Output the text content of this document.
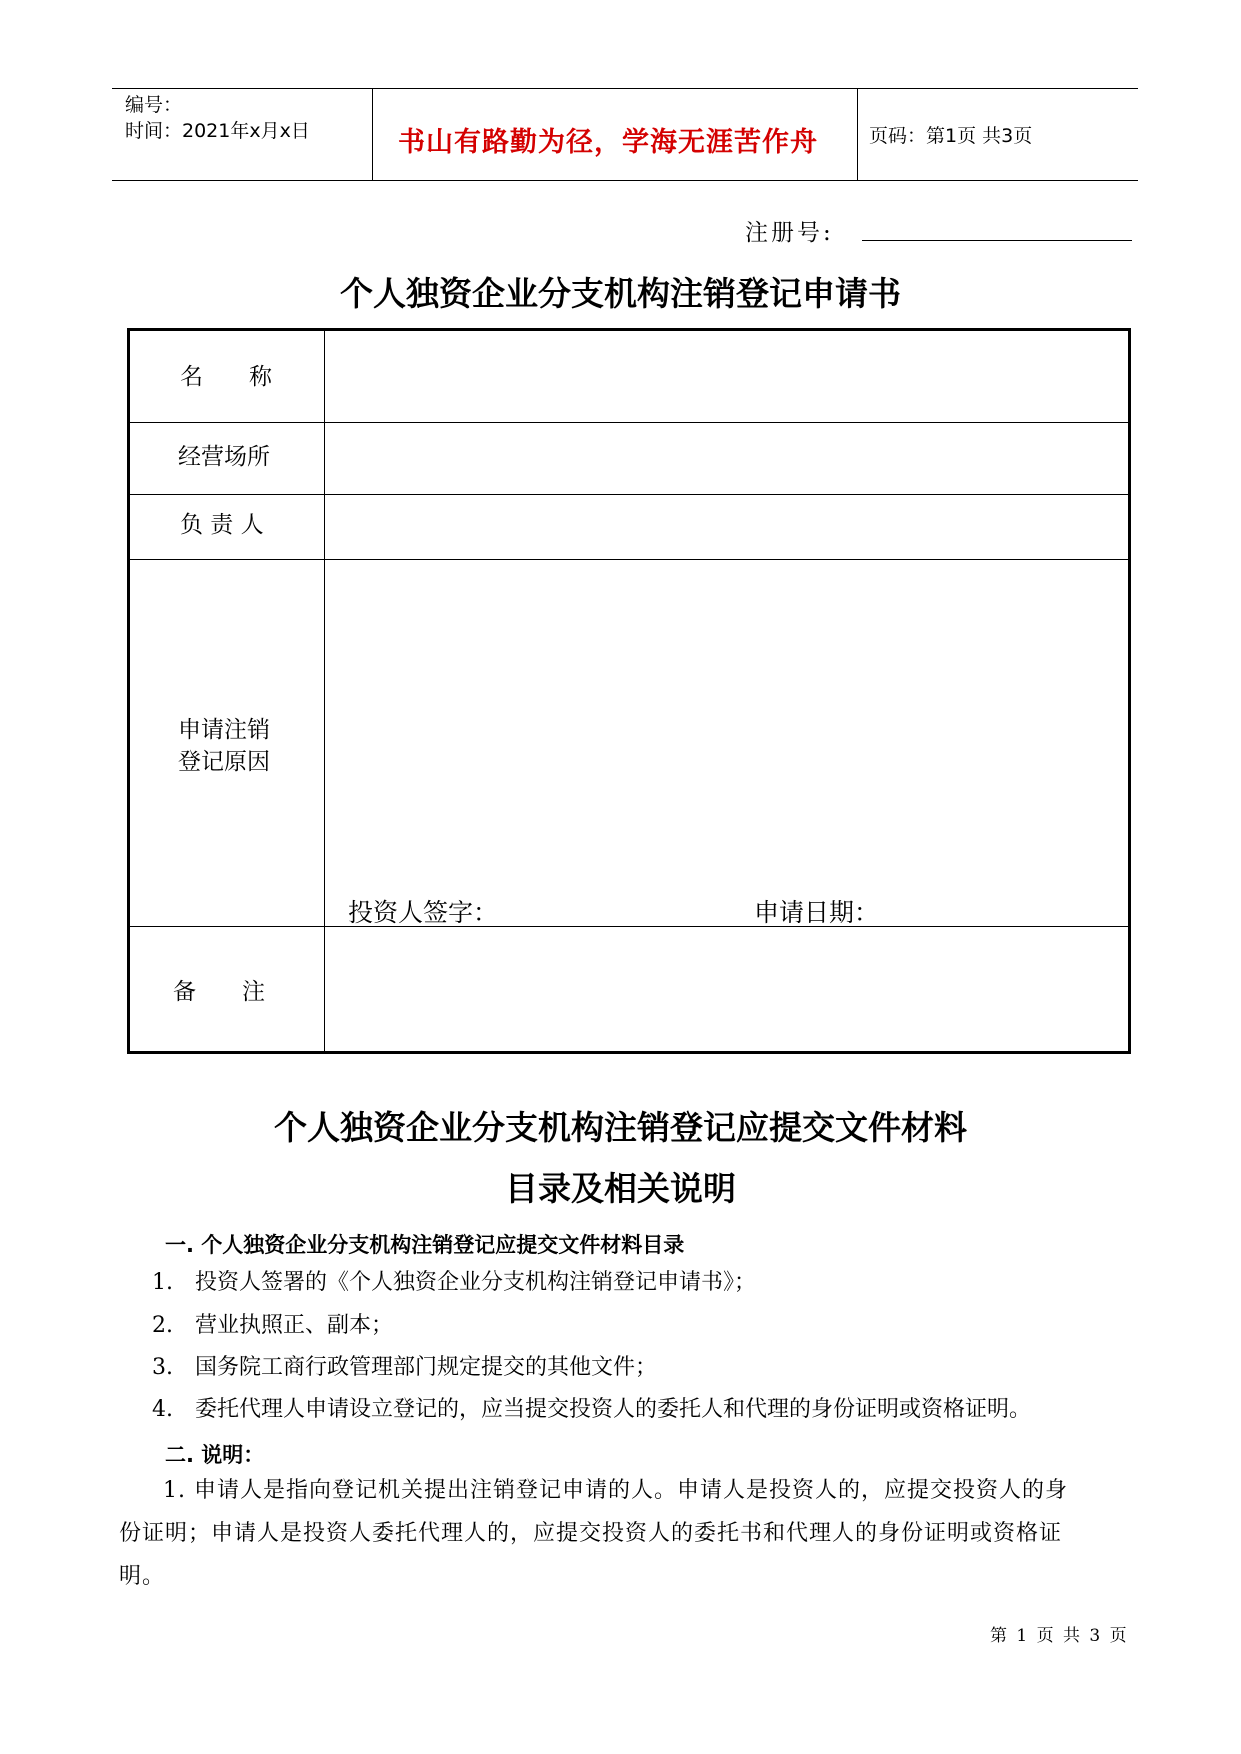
编号：
时间：2021年x月x日	书山有路勤为径，学海无涯苦作舟	页码：第1页 共3页
注册号:
个人独资企业分支机构注销登记申请书
名　　称
经营场所
负 责 人
申请注销
登记原因
投资人签字：	申请日期：
备　　注
个人独资企业分支机构注销登记应提交文件材料
目录及相关说明
一. 个人独资企业分支机构注销登记应提交文件材料目录
1.　投资人签署的《个人独资企业分支机构注销登记申请书》；
2.　营业执照正、副本；
3.　国务院工商行政管理部门规定提交的其他文件；
4.　委托代理人申请设立登记的，应当提交投资人的委托人和代理的身份证明或资格证明。
二. 说明：
1. 申请人是指向登记机关提出注销登记申请的人。申请人是投资人的，应提交投资人的身
份证明；申请人是投资人委托代理人的，应提交投资人的委托书和代理人的身份证明或资格证
明。
第 1 页 共 3 页
